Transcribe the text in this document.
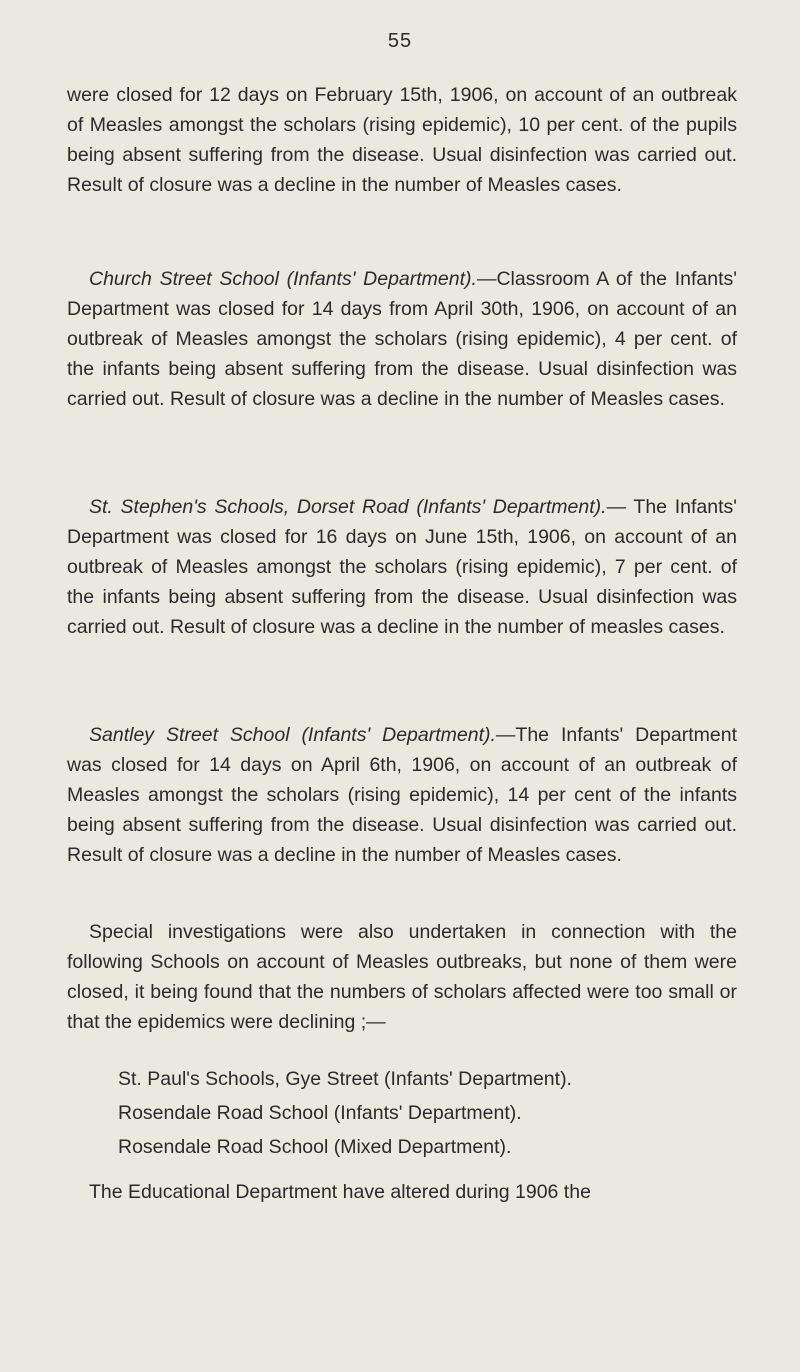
55

were closed for 12 days on February 15th, 1906, on account of an outbreak of Measles amongst the scholars (rising epidemic), 10 per cent. of the pupils being absent suffering from the disease. Usual disinfection was carried out. Result of closure was a decline in the number of Measles cases.

Church Street School (Infants' Department).—Classroom A of the Infants' Department was closed for 14 days from April 30th, 1906, on account of an outbreak of Measles amongst the scholars (rising epidemic), 4 per cent. of the infants being absent suffering from the disease. Usual disinfection was carried out. Result of closure was a decline in the number of Measles cases.

St. Stephen's Schools, Dorset Road (Infants' Department).— The Infants' Department was closed for 16 days on June 15th, 1906, on account of an outbreak of Measles amongst the scholars (rising epidemic), 7 per cent. of the infants being absent suffering from the disease. Usual disinfection was carried out. Result of closure was a decline in the number of measles cases.

Santley Street School (Infants' Department).—The Infants' Department was closed for 14 days on April 6th, 1906, on account of an outbreak of Measles amongst the scholars (rising epidemic), 14 per cent of the infants being absent suffering from the disease. Usual disinfection was carried out. Result of closure was a decline in the number of Measles cases.

Special investigations were also undertaken in connection with the following Schools on account of Measles outbreaks, but none of them were closed, it being found that the numbers of scholars affected were too small or that the epidemics were declining ;—

St. Paul's Schools, Gye Street (Infants' Department).
Rosendale Road School (Infants' Department).
Rosendale Road School (Mixed Department).

The Educational Department have altered during 1906 the
